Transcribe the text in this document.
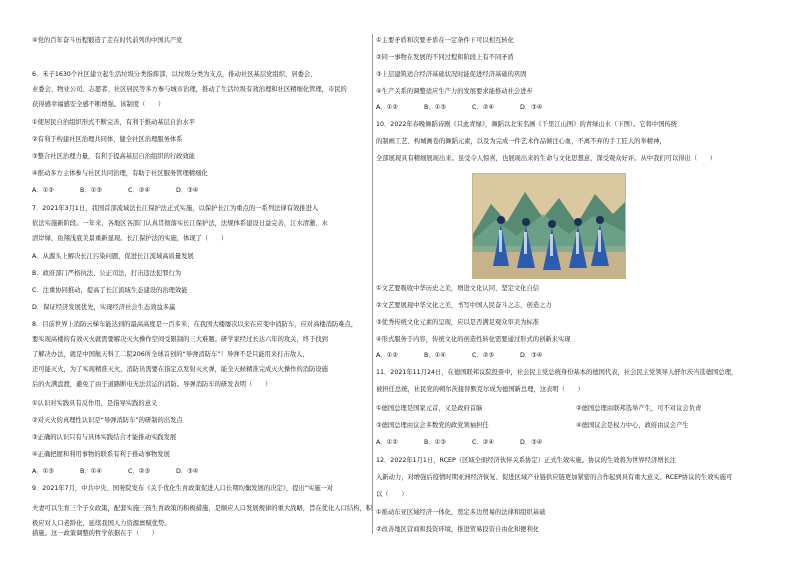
④党的百年奋斗历程锻造了走在时代前列的中国共产党
6．禾子1630个社区建立起生活垃圾分类指挥部，以垃圾分类为支点，推动社区基层党组织、居委会、
业委会、物业公司、志愿者、社区居民等多方参与城市治理，推动了生活垃圾有效治理和社区精细化管理，市民的
获得感幸福感安全感不断增强。该制度（　　）
①使居民自治组织形式不断完善，有利于推动基层自治水平
②有利于构建社区治理共同体，健全社区治理服务体系
③整合社区治理力量，有利于提高基层自治组织的行政效能
④推动多方主体参与社区共同治理，有助于社区服务管理精细化
A．①②	B．①③	C．②④	D．③④
7．2021年3月1日，我国首部流域法长江保护法正式实施，以保护长江为重点的一系列法律有效推进入
依法实施新阶段。一年来，各地区各部门认真贯彻落实长江保护法，法规体系建设日益完善，江水清澈、水
清岸绿，鱼翔浅底美景重新显现。长江保护法的实施，体现了（　　）
A．从源头上解决长江污染问题，促进长江流域高质量发展
B．政府部门严格执法、公正司法，打击违法犯罪行为
C．注重协同推动，提高了长江流域生态建设的治理效能
D．保证经济发展优先，实现经济社会生态效益多赢
8．目前世界上消防云梯车能达到的最高高度是一百多米，在我国大楼屡次以来在应变中消防车，应对高楼消防难点，
要实现高楼的有效灭火就需要解决灭火操作空间受限制的三大难题。研学家经过长达六年的攻关，终于找到
了解决办法，就是中国航天科工二院206所全球首创的“导弹消防车”！导弹不是只能用来打击敌人，
还可能灭火，为了实现精准灭火，消防员需要在指定点发射灭火弹，能全天候精准完成灭火操作的消防设施
后的火满盘渡，避免了由于道路断电无法营运的消防。导弹消防车的研发表明（　　）
①认识对实践具有反作用，是指导实践的意义
②对灭火的真理性认识是“导弹消防车”的研制的出发点
③正确的认识只有与具体实践结合才能推动实践发展
④正确把握和利用事物的联系有利于推动事物发展
A．①③	B．①④	C．②③	D．③④
9．2021年7月，中共中央、国务院发布《关于优化生育政策促进人口长期均衡发展的决定》，提出“实施一对
夫妻可以生育三个子女政策，配套实施三孩生育政策的积极措施，是顺应人口发展规律的重大战略，旨在优化人口结构，积极应对人口老龄化，延续我国人力资源禀赋优势。
措施。这一政策调整的哲学依据在于（　　）
①主要矛盾和次要矛盾在一定条件下可以相互转化
②同一事物在发展的不同过程和阶段上有不同矛盾
③上层建筑适合经济基础状况时能促进经济基础的巩固
④生产关系的调整适应生产力的发展要求能推动社会进步
A．①②	B．①③	C．②④	D．③④
10．2022年春晚舞蹈诗剧《只此青绿》，舞蹈以北宋名画《千里江山图》的青绿山水（下图）。它将中国传统
的制画工艺、构城画卷的舞蹈元素，以及为完成一件艺术作品倾注心血，不离不弃的手工匠人的举精神，
全部展现具有精细展现出来。虽受令人惊喜，也展现出来的生命与文化思想意，深受观众好评。从中我们可以得出（　　）
①文艺要吸收中华历史之美，增进文化认同、坚定文化自信
②文艺要展现中华文化之美，书写中国人民奋斗之志，创造之力
③优秀传统文化元素的呈现，应以是否满足观众审美为标准
④形式服务于内容，传统文化的创造性转化需要通过形式的创新来实现
A．①②	B．①④	C．②③	D．③④
11．2021年11月24日，在德国联邦议院投票中，社会民主党总统身份基本的德国代表，社会民主党领导人舒尔茨当选德国总理，
被担任总统，社民党的朔尔茨接替默克尔成为德国新总理，这表明（　　）
①德国总理是国家元首，又是政府首脑	②德国总理由联邦选举产生，可不对议会负责
③德国总理由议会多数党的政党领袖担任	④德国议会是权力中心，政府由议会产生
A．①②	B．①③	C．②④	D．③④
12．2022年1月1日，RCEP（区域全面经济伙伴关系协定）正式生效实施。协议的生效将为世界经济增长注
入新动力，对增强后疫情时期亚洲经济恢复、促进区域产业链供应链更加紧密的合作起到具有重大意义。RCEP协议的生效实施可
以（　　）
①推动东亚区域经济一体化，奠定多边贸易的法律和组织基础
②改善地区营商和投资环境，推进贸易投资自由化和便利化
